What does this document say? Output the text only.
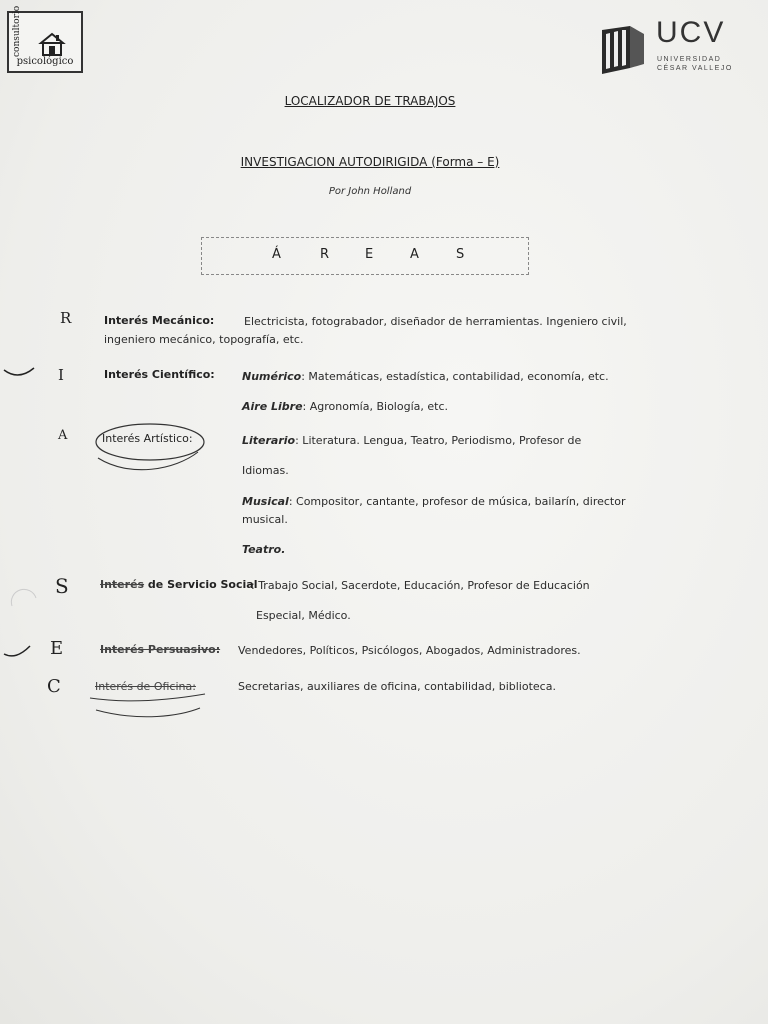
consultorio
psicológico
UCV
UNIVERSIDAD
CÉSAR VALLEJO
LOCALIZADOR DE TRABAJOS
INVESTIGACION AUTODIRIGIDA (Forma – E)
Por John Holland
Á	R	E	A	S
R	Interés Mecánico:	Electricista, fotograbador, diseñador de herramientas. Ingeniero civil,
ingeniero mecánico, topografía, etc.
I	Interés Científico: Numérico: Matemáticas, estadística, contabilidad, economía, etc.
Aire Libre: Agronomía, Biología, etc.
A	Interés Artístico:	Literario: Literatura. Lengua, Teatro, Periodismo, Profesor de
Idiomas.
Musical: Compositor, cantante, profesor de música, bailarín, director
musical.
Teatro.
S	Interés de Servicio Social
: Trabajo Social, Sacerdote, Educación, Profesor de Educación
Especial, Médico.
E	Interés Persuasivo: Vendedores, Políticos, Psicólogos, Abogados, Administradores.
C	Interés de Oficina:	Secretarias, auxiliares de oficina, contabilidad, biblioteca.
